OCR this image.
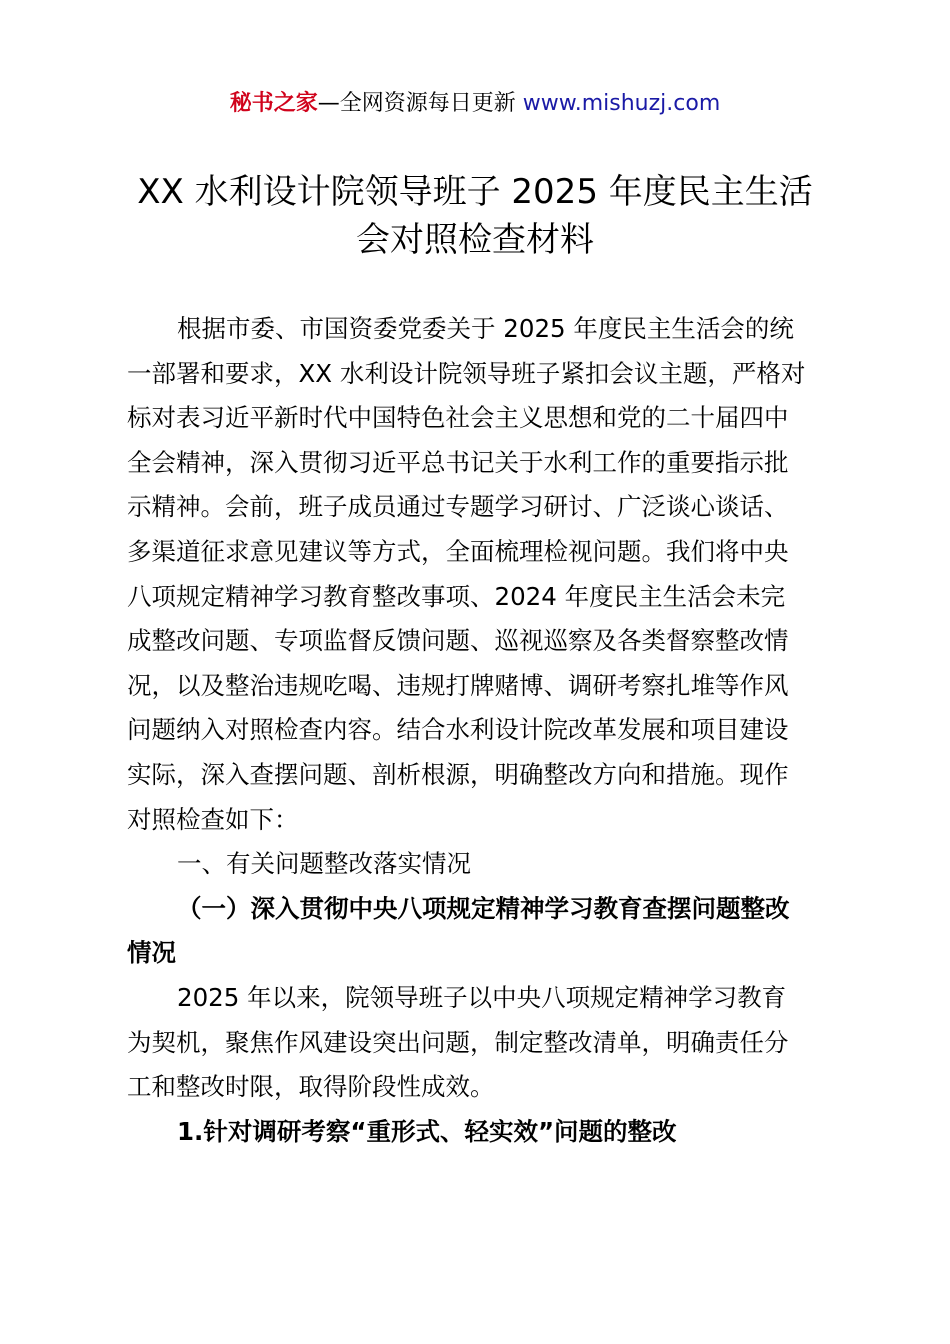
秘书之家—全网资源每日更新 www.mishuzj.com
XX 水利设计院领导班子 2025 年度民主生活
会对照检查材料
根据市委、市国资委党委关于 2025 年度民主生活会的统
一部署和要求，XX 水利设计院领导班子紧扣会议主题，严格对
标对表习近平新时代中国特色社会主义思想和党的二十届四中
全会精神，深入贯彻习近平总书记关于水利工作的重要指示批
示精神。会前，班子成员通过专题学习研讨、广泛谈心谈话、
多渠道征求意见建议等方式，全面梳理检视问题。我们将中央
八项规定精神学习教育整改事项、2024 年度民主生活会未完
成整改问题、专项监督反馈问题、巡视巡察及各类督察整改情
况，以及整治违规吃喝、违规打牌赌博、调研考察扎堆等作风
问题纳入对照检查内容。结合水利设计院改革发展和项目建设
实际，深入查摆问题、剖析根源，明确整改方向和措施。现作
对照检查如下：
一、有关问题整改落实情况
（一）深入贯彻中央八项规定精神学习教育查摆问题整改
情况
2025 年以来，院领导班子以中央八项规定精神学习教育
为契机，聚焦作风建设突出问题，制定整改清单，明确责任分
工和整改时限，取得阶段性成效。
1.针对调研考察“重形式、轻实效”问题的整改
